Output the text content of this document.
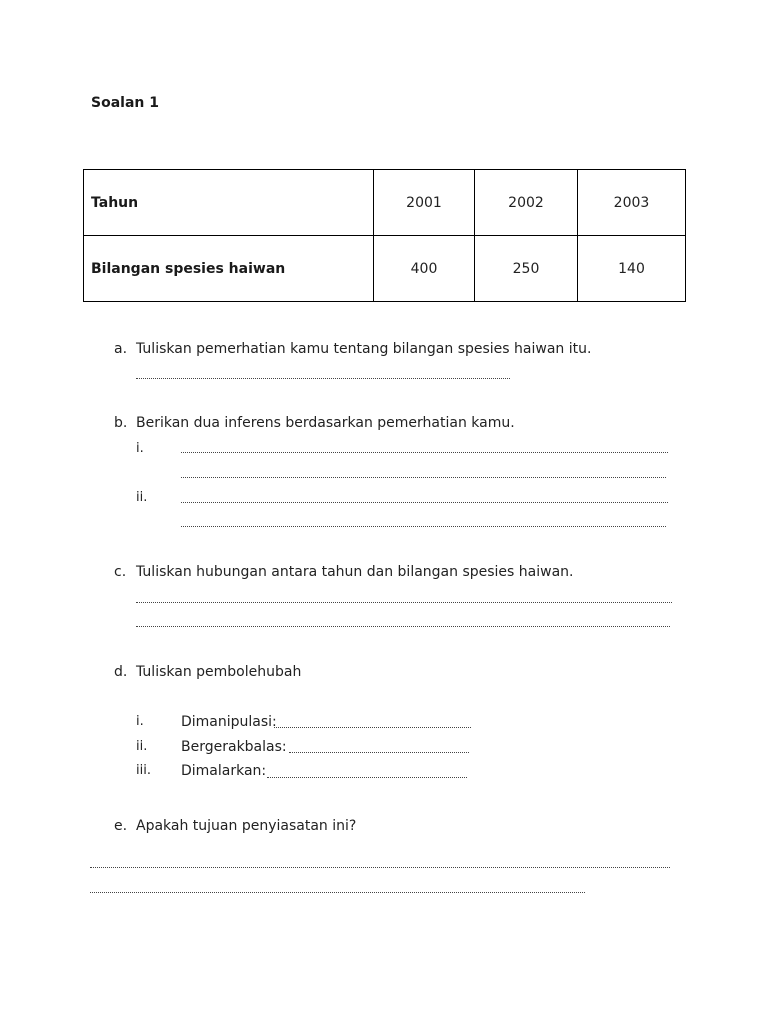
Soalan 1
Tahun	2001	2002	2003
Bilangan spesies haiwan	400	250	140
a. Tuliskan pemerhatian kamu tentang bilangan spesies haiwan itu.
b. Berikan dua inferens berdasarkan pemerhatian kamu.
i.
ii.
c. Tuliskan hubungan antara tahun dan bilangan spesies haiwan.
d. Tuliskan pembolehubah
i.	Dimanipulasi:
ii. Bergerakbalas:
iii. Dimalarkan:
e. Apakah tujuan penyiasatan ini?
